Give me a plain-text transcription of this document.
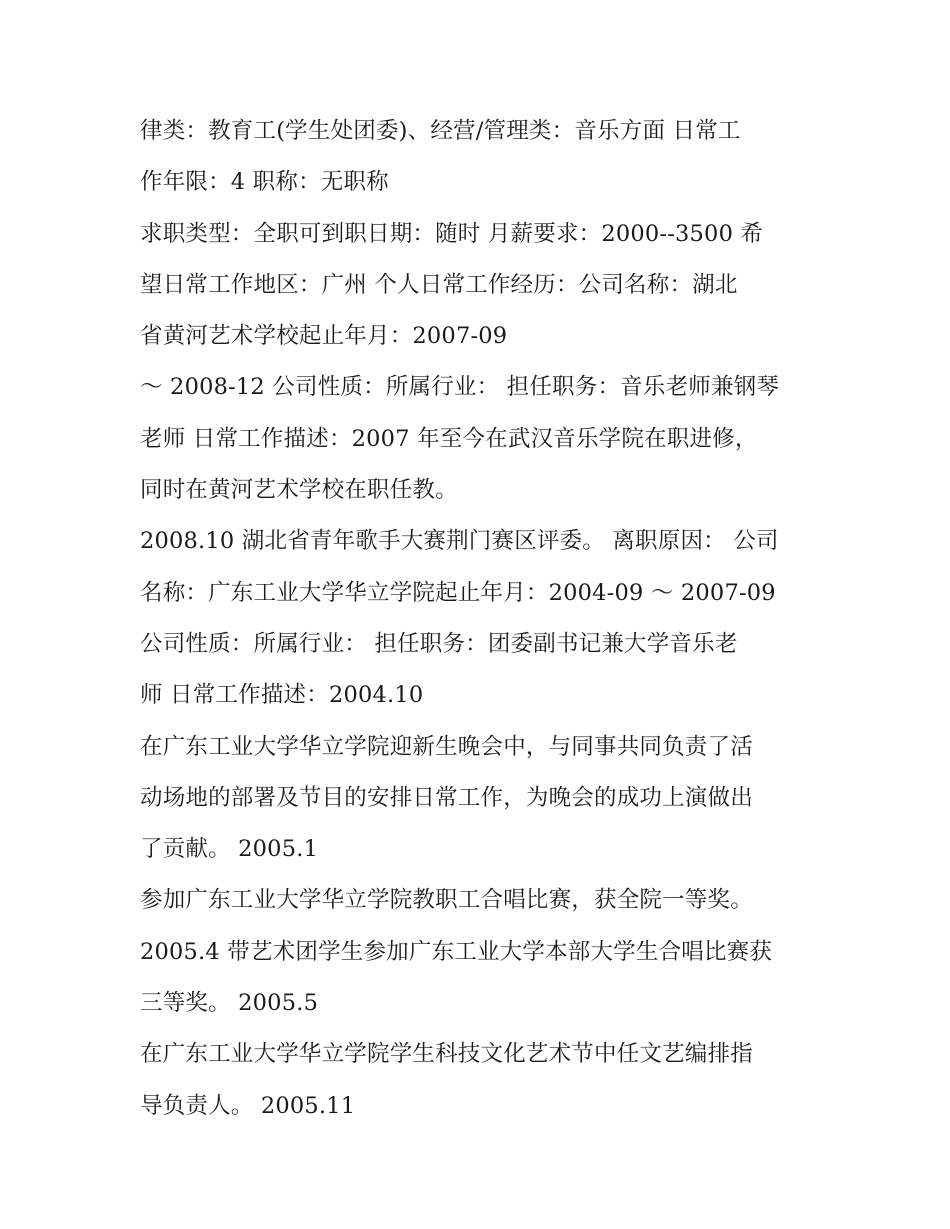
律类：教育工(学生处团委)、经营/管理类：音乐方面 日常工
作年限：4 职称：无职称
求职类型：全职可到职日期：随时 月薪要求：2000--3500 希
望日常工作地区：广州 个人日常工作经历：公司名称：湖北
省黄河艺术学校起止年月：2007-09
～ 2008-12 公司性质：所属行业： 担任职务：音乐老师兼钢琴
老师 日常工作描述：2007 年至今在武汉音乐学院在职进修，
同时在黄河艺术学校在职任教。
2008.10 湖北省青年歌手大赛荆门赛区评委。 离职原因： 公司
名称：广东工业大学华立学院起止年月：2004-09 ～ 2007-09
公司性质：所属行业： 担任职务：团委副书记兼大学音乐老
师 日常工作描述：2004.10
在广东工业大学华立学院迎新生晚会中，与同事共同负责了活
动场地的部署及节目的安排日常工作，为晚会的成功上演做出
了贡献。 2005.1
参加广东工业大学华立学院教职工合唱比赛，获全院一等奖。
2005.4 带艺术团学生参加广东工业大学本部大学生合唱比赛获
三等奖。 2005.5
在广东工业大学华立学院学生科技文化艺术节中任文艺编排指
导负责人。 2005.11
